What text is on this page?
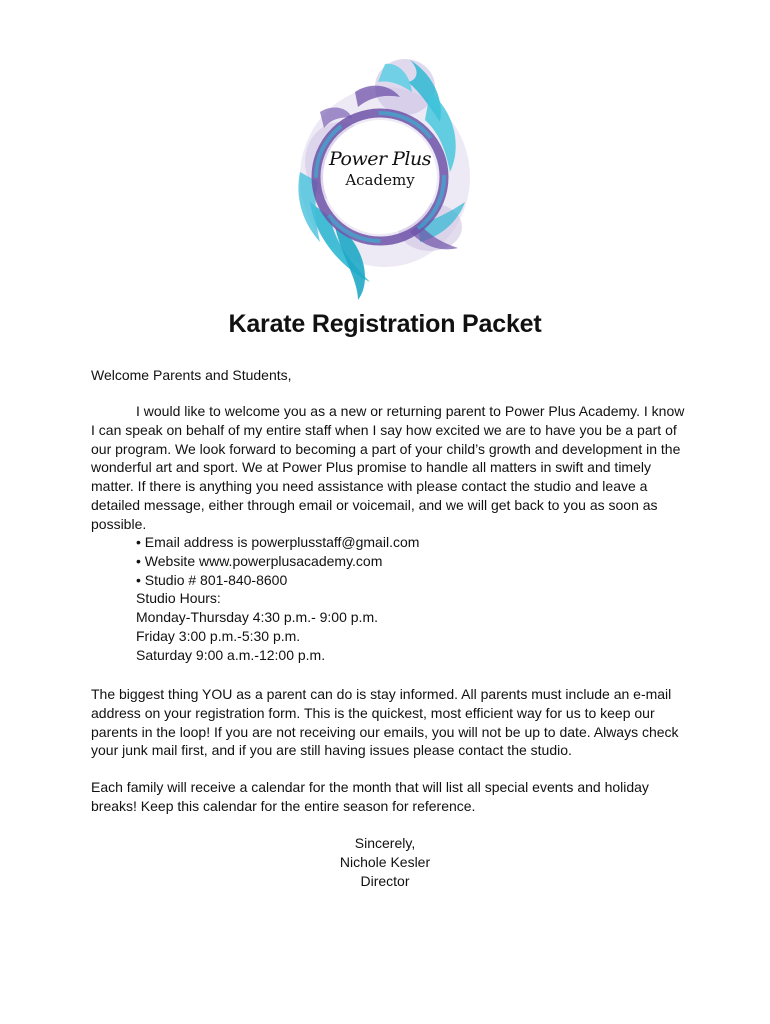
Power Plus
Academy
Karate Registration Packet
Welcome Parents and Students,
I would like to welcome you as a new or returning parent to Power Plus Academy. I know I can speak on behalf of my entire staff when I say how excited we are to have you be a part of our program. We look forward to becoming a part of your child’s growth and development in the wonderful art and sport. We at Power Plus promise to handle all matters in swift and timely matter. If there is anything you need assistance with please contact the studio and leave a detailed message, either through email or voicemail, and we will get back to you as soon as possible.
• Email address is powerplusstaff@gmail.com
• Website www.powerplusacademy.com
• Studio # 801-840-8600
Studio Hours:
Monday-Thursday 4:30 p.m.- 9:00 p.m.
Friday 3:00 p.m.-5:30 p.m.
Saturday 9:00 a.m.-12:00 p.m.
The biggest thing YOU as a parent can do is stay informed. All parents must include an e-mail address on your registration form. This is the quickest, most efficient way for us to keep our parents in the loop! If you are not receiving our emails, you will not be up to date. Always check your junk mail first, and if you are still having issues please contact the studio.
Each family will receive a calendar for the month that will list all special events and holiday breaks! Keep this calendar for the entire season for reference.
Sincerely,
Nichole Kesler
Director
